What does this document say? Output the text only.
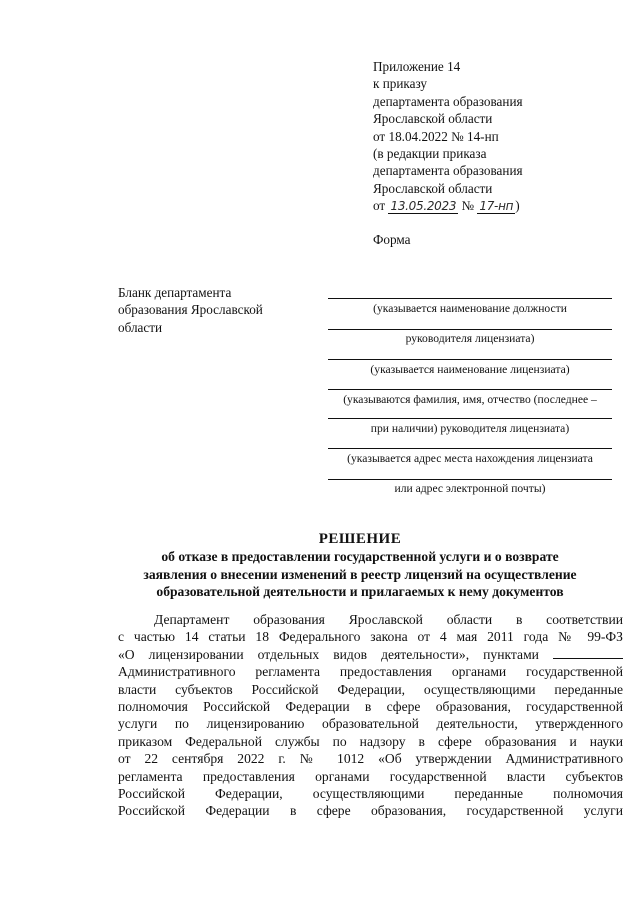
Приложение 14
к приказу
департамента образования
Ярославской области
от 18.04.2022 № 14-нп
(в редакции приказа
департамента образования
Ярославской области
от 13.05.2023 № 17-нп )
Форма
Бланк департамента
образования Ярославской
области
(указывается наименование должности
руководителя лицензиата)
(указывается наименование лицензиата)
(указываются фамилия, имя, отчество (последнее –
при наличии) руководителя лицензиата)
(указывается адрес места нахождения лицензиата
или адрес электронной почты)
РЕШЕНИЕ
об отказе в предоставлении государственной услуги и о возврате
заявления о внесении изменений в реестр лицензий на осуществление
образовательной деятельности и прилагаемых к нему документов
Департамент образования Ярославской области в соответствии
с частью 14 статьи 18 Федерального закона от 4 мая 2011 года № 99-ФЗ
«О лицензировании отдельных видов деятельности», пунктами
Административного регламента предоставления органами государственной
власти субъектов Российской Федерации, осуществляющими переданные
полномочия Российской Федерации в сфере образования, государственной
услуги по лицензированию образовательной деятельности, утвержденного
приказом Федеральной службы по надзору в сфере образования и науки
от 22 сентября 2022 г. № 1012 «Об утверждении Административного
регламента предоставления органами государственной власти субъектов
Российской Федерации, осуществляющими переданные полномочия
Российской Федерации в сфере образования, государственной услуги
